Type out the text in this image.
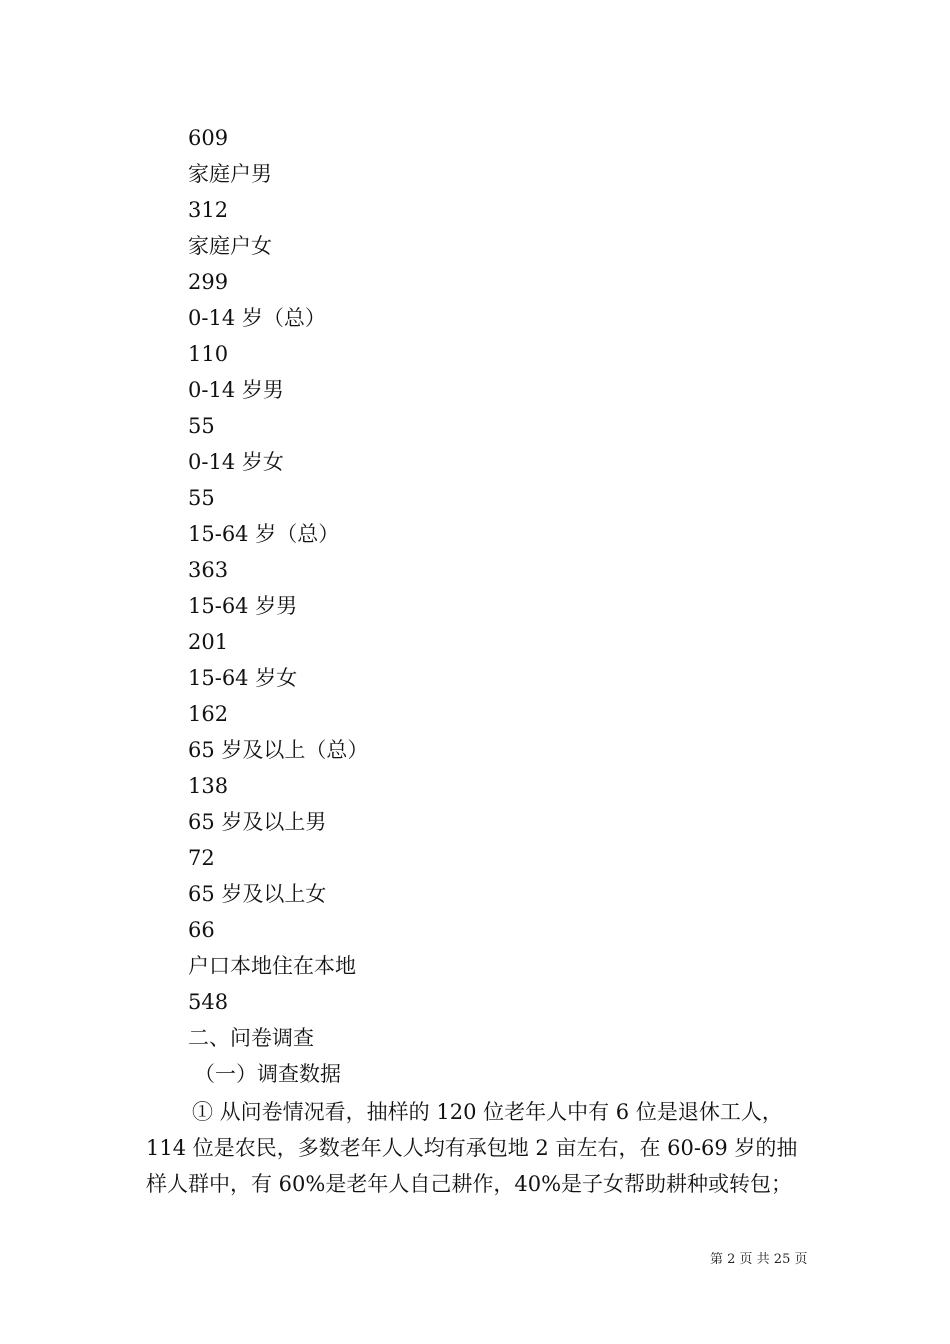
609
家庭户男
312
家庭户女
299
0-14 岁（总）
110
0-14 岁男
55
0-14 岁女
55
15-64 岁（总）
363
15-64 岁男
201
15-64 岁女
162
65 岁及以上（总）
138
65 岁及以上男
72
65 岁及以上女
66
户口本地住在本地
548
二、问卷调查
（一）调查数据
① 从问卷情况看，抽样的 120 位老年人中有 6 位是退休工人，
114 位是农民，多数老年人人均有承包地 2 亩左右，在 60-69 岁的抽
样人群中，有 60%是老年人自己耕作，40%是子女帮助耕种或转包；
第 2 页 共 25 页
